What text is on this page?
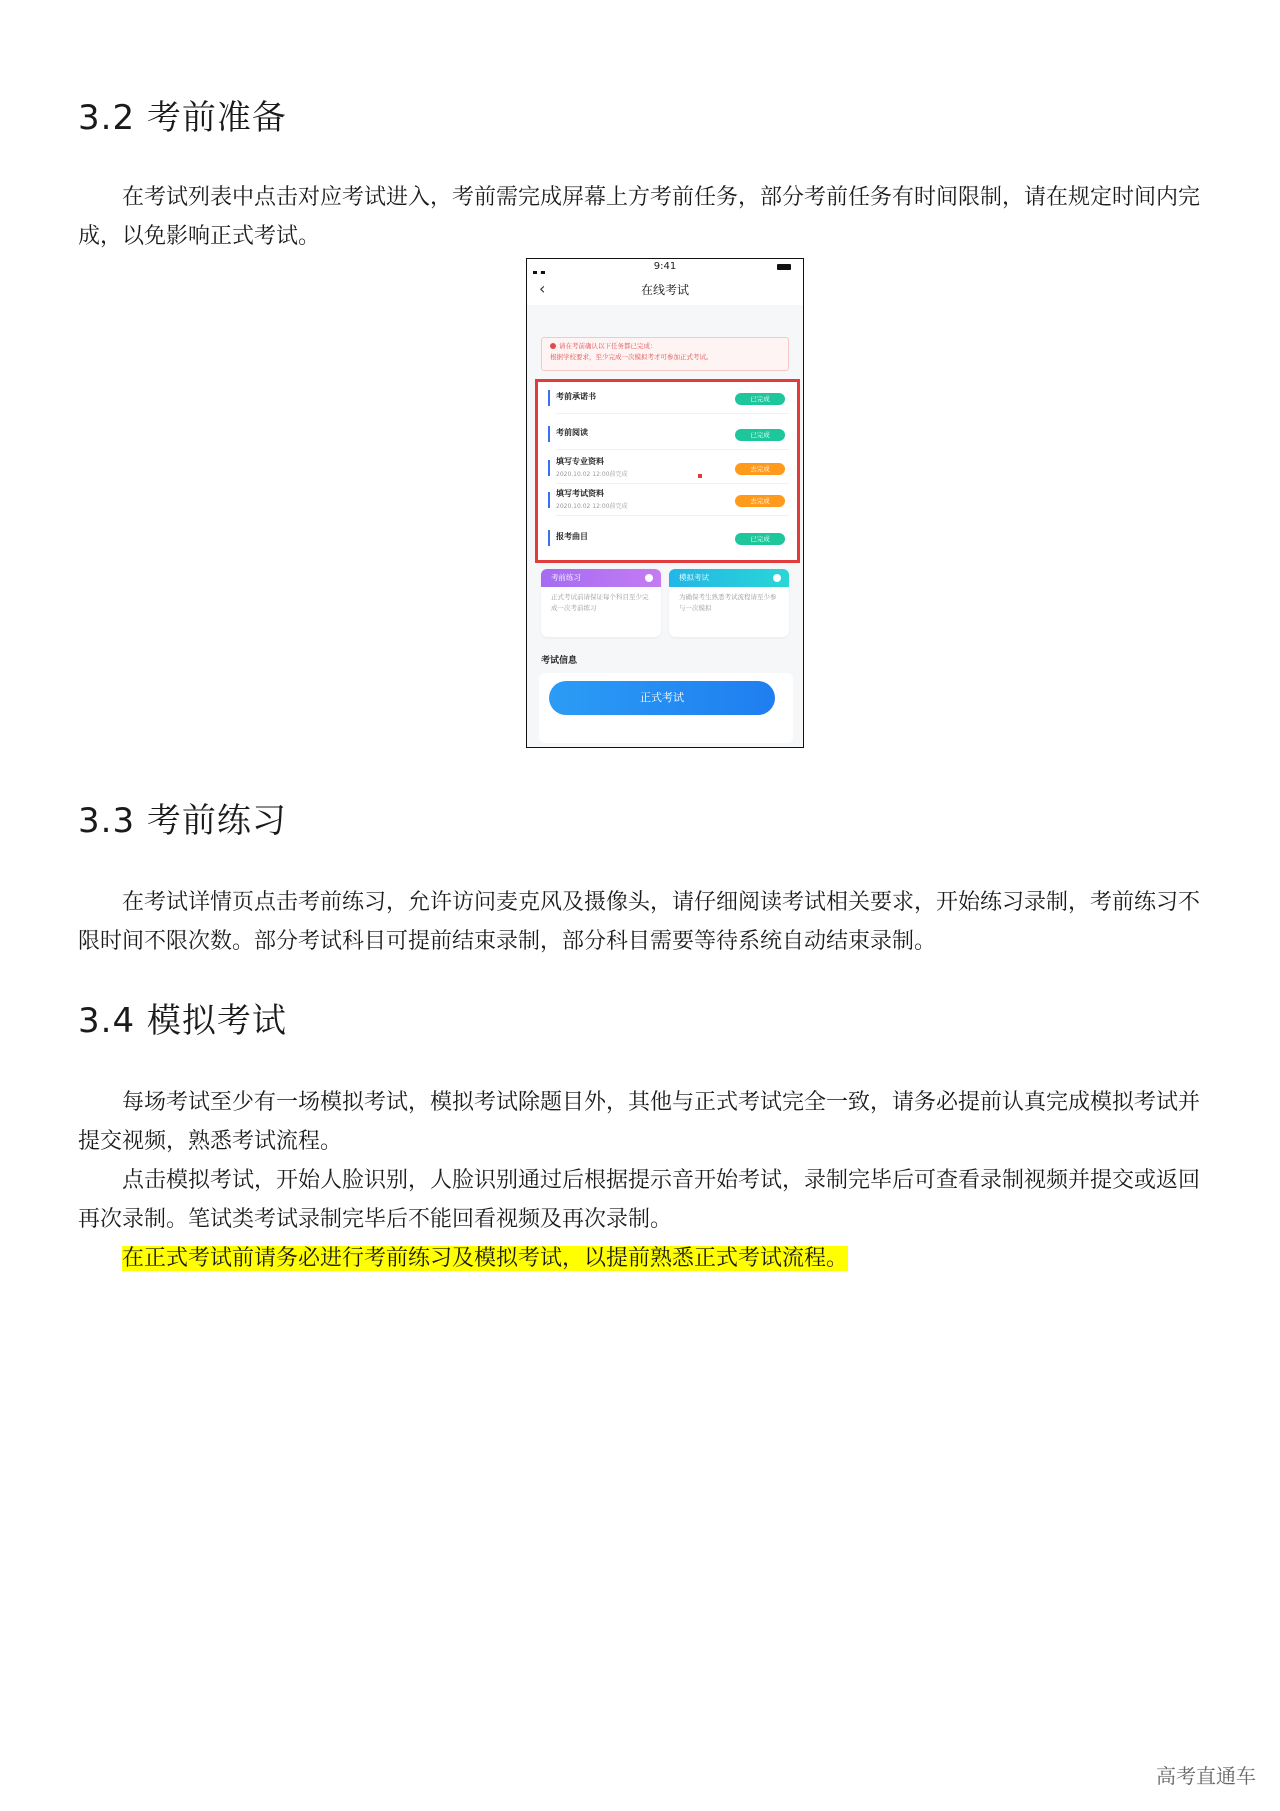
3.2 考前准备

在考试列表中点击对应考试进入，考前需完成屏幕上方考前任务，部分考前任务有时间限制，请在规定时间内完成，以免影响正式考试。

9:41
‹	在线考试
请在考前确认以下任务都已完成：
根据学校要求，至少完成一次模拟考才可参加正式考试。
考前承诺书	已完成
考前阅读	已完成
填写专业资料
2020.10.02 12:00前完成
去完成
填写考试资料
2020.10.02 12:00前完成
去完成
报考曲目	已完成
考前练习
正式考试前请保证每个科目至少完成一次考前练习
模拟考试
为确保考生熟悉考试流程请至少参与一次模拟
考试信息
正式考试
3.3 考前练习

在考试详情页点击考前练习，允许访问麦克风及摄像头，请仔细阅读考试相关要求，开始练习录制，考前练习不限时间不限次数。部分考试科目可提前结束录制，部分科目需要等待系统自动结束录制。

3.4 模拟考试

每场考试至少有一场模拟考试，模拟考试除题目外，其他与正式考试完全一致，请务必提前认真完成模拟考试并提交视频，熟悉考试流程。

点击模拟考试，开始人脸识别，人脸识别通过后根据提示音开始考试，录制完毕后可查看录制视频并提交或返回再次录制。笔试类考试录制完毕后不能回看视频及再次录制。

在正式考试前请务必进行考前练习及模拟考试，以提前熟悉正式考试流程。

高考直通车
